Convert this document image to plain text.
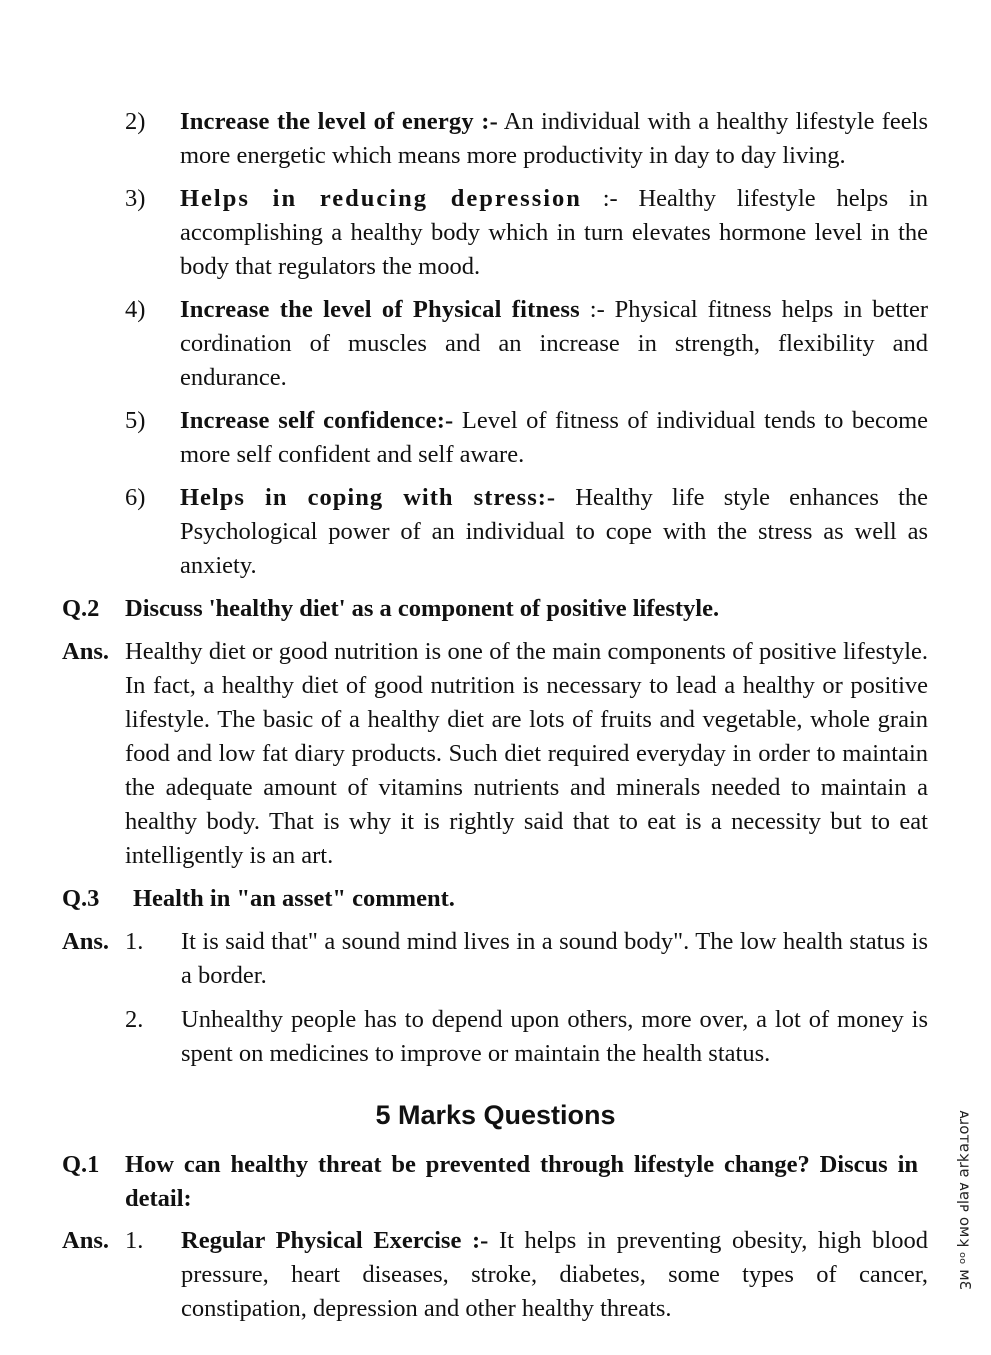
2) Increase the level of energy :- An individual with a healthy lifestyle feels more energetic which means more productivity in day to day living.
3) Helps in reducing depression :- Healthy lifestyle helps in accomplishing a healthy body which in turn elevates hormone level in the body that regulators the mood.
4) Increase the level of Physical fitness :- Physical fitness helps in better cordination of muscles and an increase in strength, flexibility and endurance.
5) Increase self confidence:- Level of fitness of individual tends to become more self confident and self aware.
6) Helps in coping with stress:- Healthy life style enhances the Psychological power of an individual to cope with the stress as well as anxiety.
Q.2 Discuss 'healthy diet' as a component of positive lifestyle.
Ans. Healthy diet or good nutrition is one of the main components of positive lifestyle. In fact, a healthy diet of good nutrition is necessary to lead a healthy or positive lifestyle. The basic of a healthy diet are lots of fruits and vegetable, whole grain food and low fat diary products. Such diet required everyday in order to maintain the adequate amount of vitamins nutrients and minerals needed to maintain a healthy body. That is why it is rightly said that to eat is a necessity but to eat intelligently is an art.
Q.3 Health in "an asset" comment.
Ans. 1. It is said that" a sound mind lives in a sound body". The low health status is a border.
2. Unhealthy people has to depend upon others, more over, a lot of money is spent on medicines to improve or maintain the health status.
5 Marks Questions
Q.1 How can healthy threat be prevented through lifestyle change? Discus in detail:
Ans. 1. Regular Physical Exercise :- It helps in preventing obesity, high blood pressure, heart diseases, stroke, diabetes, some types of cancer, constipation, depression and other healthy threats.
ᴀɹoᴛɐʞɹɐ ᴀɐꞁᴘ ᴏᴍʞ ₒₒ ᴍƐ
